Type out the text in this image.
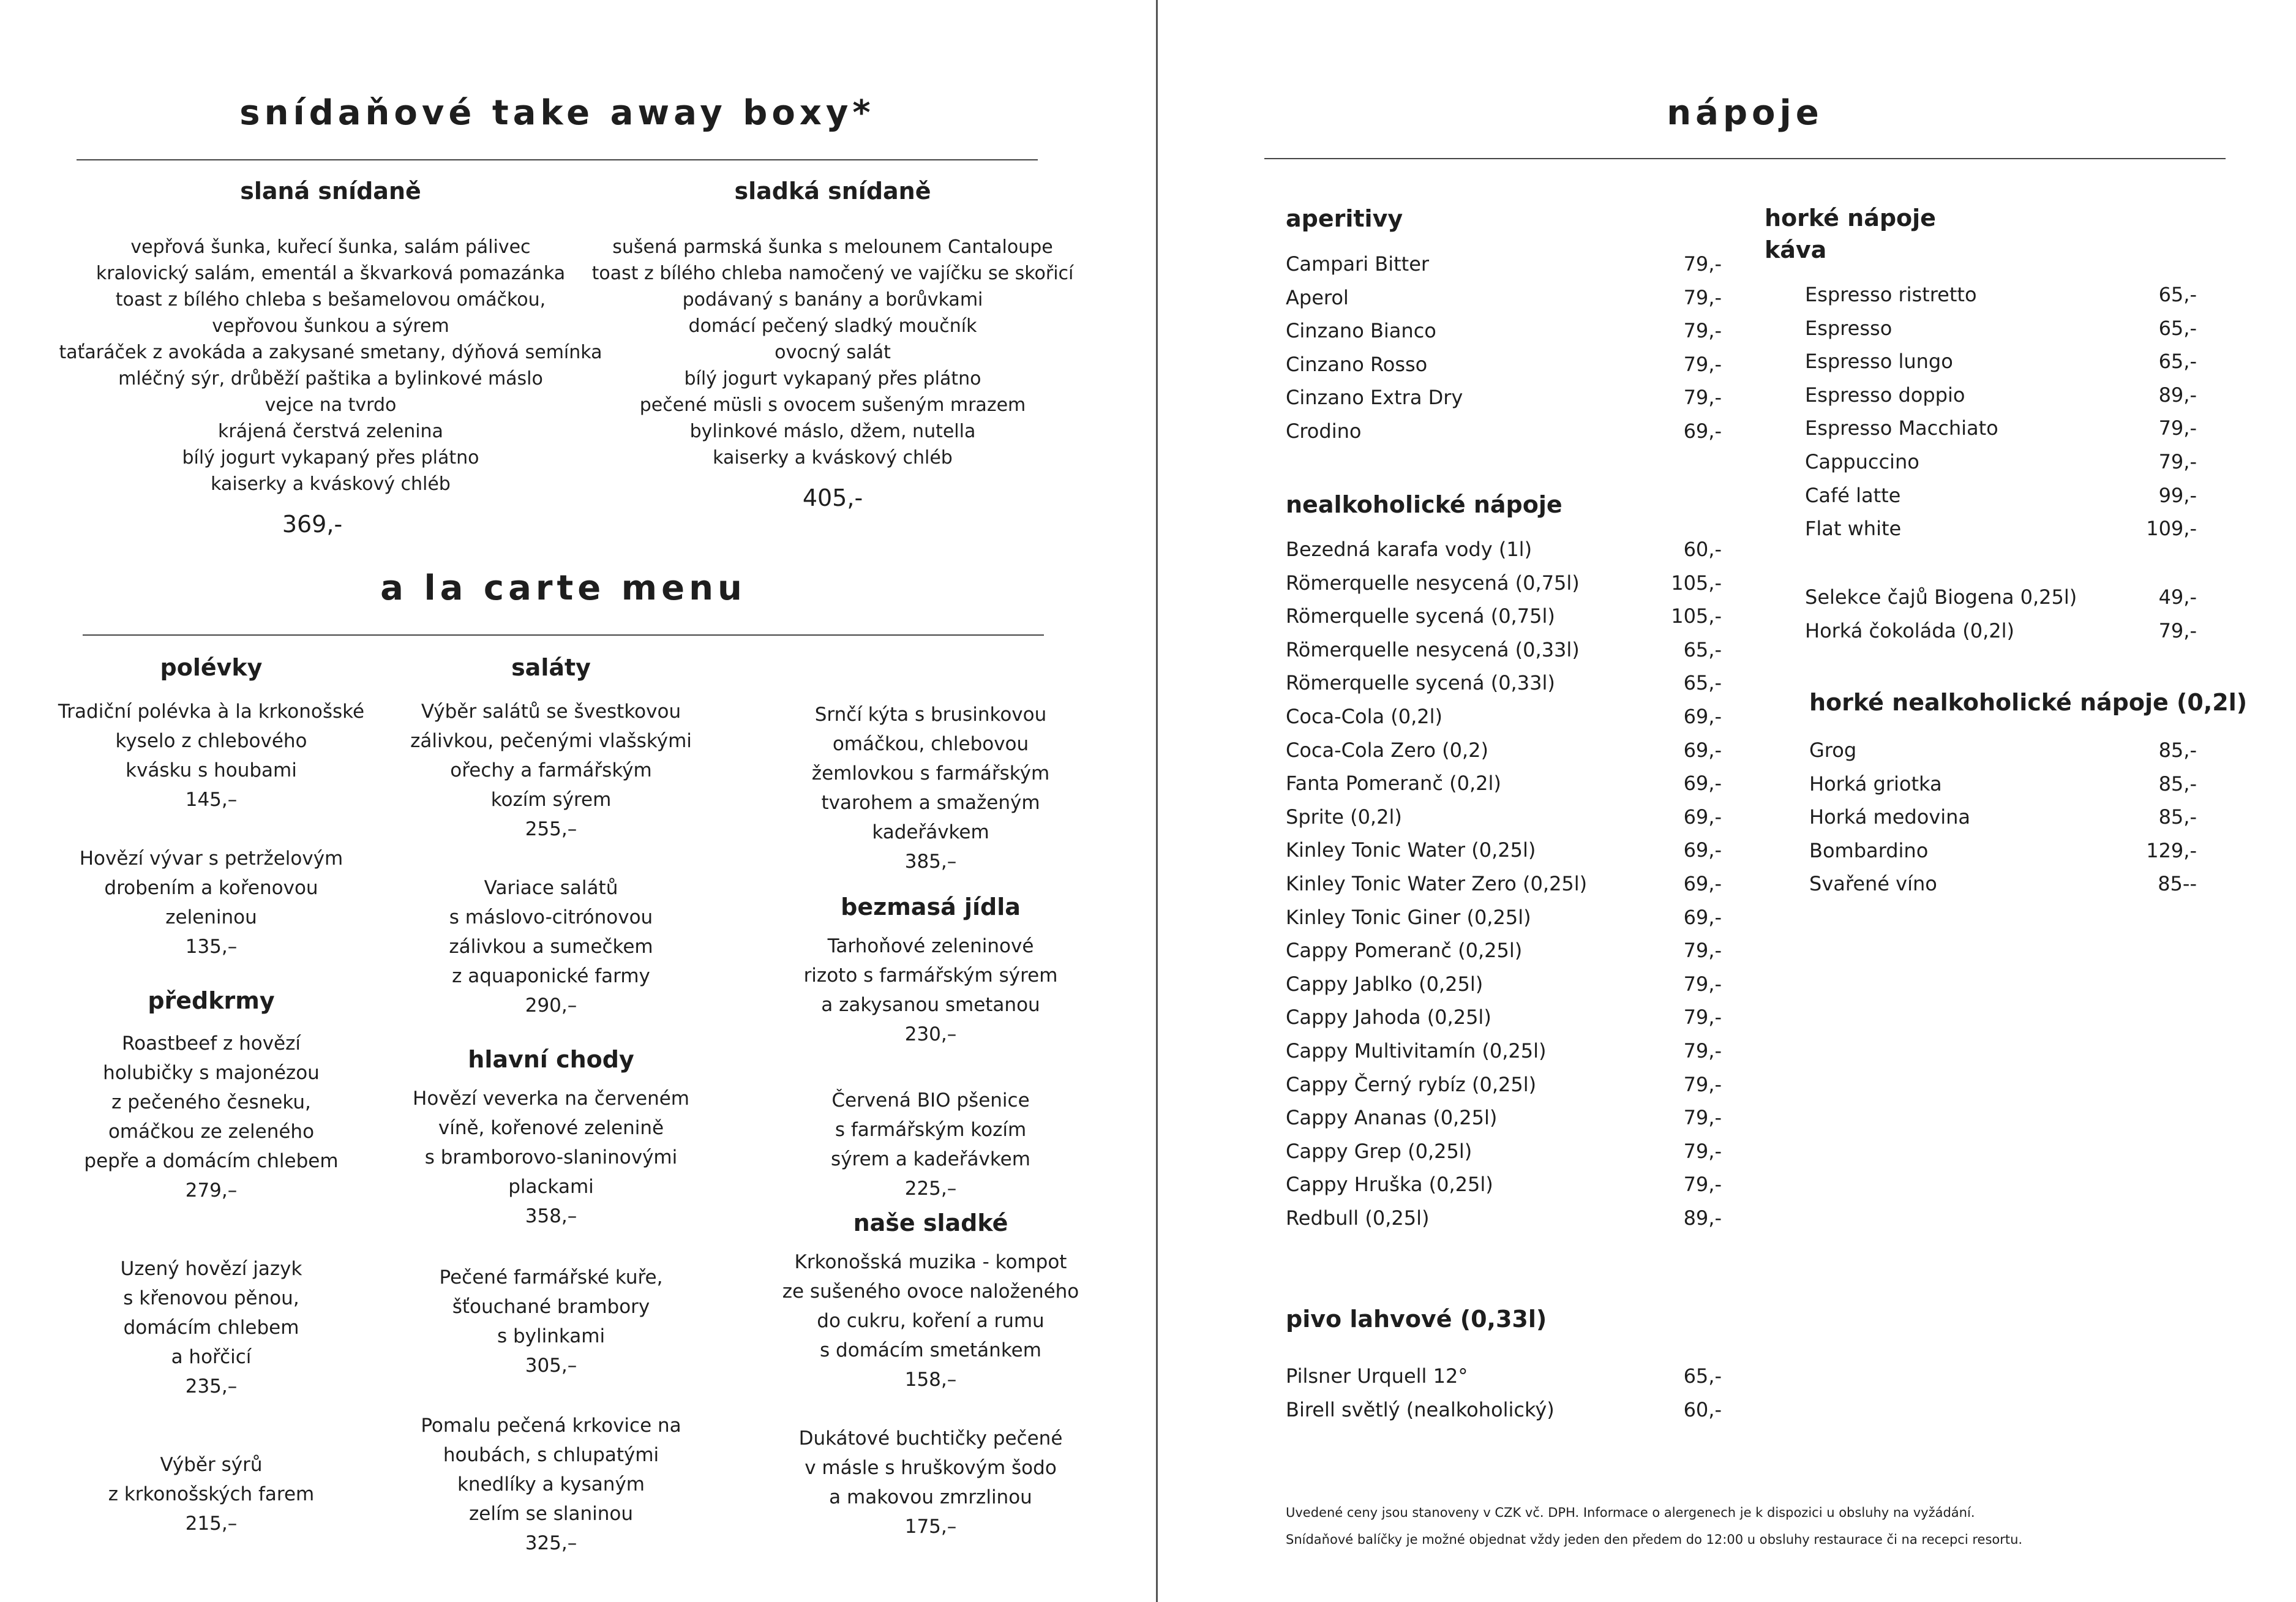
snídaňové take away boxy*
slaná snídaně
vepřová šunka, kuřecí šunka, salám pálivec
kralovický salám, ementál a škvarková pomazánka
toast z bílého chleba s bešamelovou omáčkou,
vepřovou šunkou a sýrem
taťaráček z avokáda a zakysané smetany, dýňová semínka
mléčný sýr, drůběží paštika a bylinkové máslo
vejce na tvrdo
krájená čerstvá zelenina
bílý jogurt vykapaný přes plátno
kaiserky a kváskový chléb
369,-
sladká snídaně
sušená parmská šunka s melounem Cantaloupe
toast z bílého chleba namočený ve vajíčku se skořicí
podávaný s banány a borůvkami
domácí pečený sladký moučník
ovocný salát
bílý jogurt vykapaný přes plátno
pečené müsli s ovocem sušeným mrazem
bylinkové máslo, džem, nutella
kaiserky a kváskový chléb
405,-
a la carte menu
polévky
Tradiční polévka à la krkonošské
kyselo z chlebového
kvásku s houbami
145,–
Hovězí vývar s petrželovým
drobením a kořenovou
zeleninou
135,–
předkrmy
Roastbeef z hovězí
holubičky s majonézou
z pečeného česneku,
omáčkou ze zeleného
pepře a domácím chlebem
279,–
Uzený hovězí jazyk
s křenovou pěnou,
domácím chlebem
a hořčicí
235,–
Výběr sýrů
z krkonošských farem
215,–
saláty
Výběr salátů se švestkovou
zálivkou, pečenými vlašskými
ořechy a farmářským
kozím sýrem
255,–
Variace salátů
s máslovo-citrónovou
zálivkou a sumečkem
z aquaponické farmy
290,–
hlavní chody
Hovězí veverka na červeném
víně, kořenové zelenině
s bramborovo-slaninovými
plackami
358,–
Pečené farmářské kuře,
šťouchané brambory
s bylinkami
305,–
Pomalu pečená krkovice na
houbách, s chlupatými
knedlíky a kysaným
zelím se slaninou
325,–
Srnčí kýta s brusinkovou
omáčkou, chlebovou
žemlovkou s farmářským
tvarohem a smaženým
kadeřávkem
385,–
bezmasá jídla
Tarhoňové zeleninové
rizoto s farmářským sýrem
a zakysanou smetanou
230,–
Červená BIO pšenice
s farmářským kozím
sýrem a kadeřávkem
225,–
naše sladké
Krkonošská muzika - kompot
ze sušeného ovoce naloženého
do cukru, koření a rumu
s domácím smetánkem
158,–
Dukátové buchtičky pečené
v másle s hruškovým šodo
a makovou zmrzlinou
175,–
nápoje
aperitivy
Campari Bitter	79,-
Aperol	79,-
Cinzano Bianco	79,-
Cinzano Rosso	79,-
Cinzano Extra Dry	79,-
Crodino	69,-
nealkoholické nápoje
Bezedná karafa vody (1l)	60,-
Römerquelle nesycená (0,75l)	105,-
Römerquelle sycená (0,75l)	105,-
Römerquelle nesycená (0,33l)	65,-
Römerquelle sycená (0,33l)	65,-
Coca-Cola (0,2l)	69,-
Coca-Cola Zero (0,2)	69,-
Fanta Pomeranč (0,2l)	69,-
Sprite (0,2l)	69,-
Kinley Tonic Water (0,25l)	69,-
Kinley Tonic Water Zero (0,25l)	69,-
Kinley Tonic Giner (0,25l)	69,-
Cappy Pomeranč (0,25l)	79,-
Cappy Jablko (0,25l)	79,-
Cappy Jahoda (0,25l)	79,-
Cappy Multivitamín (0,25l)	79,-
Cappy Černý rybíz (0,25l)	79,-
Cappy Ananas (0,25l)	79,-
Cappy Grep (0,25l)	79,-
Cappy Hruška (0,25l)	79,-
Redbull (0,25l)	89,-
pivo lahvové (0,33l)
Pilsner Urquell 12°	65,-
Birell světlý (nealkoholický)	60,-
horké nápoje
káva
Espresso ristretto	65,-
Espresso	65,-
Espresso lungo	65,-
Espresso doppio	89,-
Espresso Macchiato	79,-
Cappuccino	79,-
Café latte	99,-
Flat white	109,-
Selekce čajů Biogena 0,25l)	49,-
Horká čokoláda (0,2l)	79,-
horké nealkoholické nápoje (0,2l)
Grog	85,-
Horká griotka	85,-
Horká medovina	85,-
Bombardino	129,-
Svařené víno	85--
Uvedené ceny jsou stanoveny v CZK vč. DPH. Informace o alergenech je k dispozici u obsluhy na vyžádání.
Snídaňové balíčky je možné objednat vždy jeden den předem do 12:00 u obsluhy restaurace či na recepci resortu.
